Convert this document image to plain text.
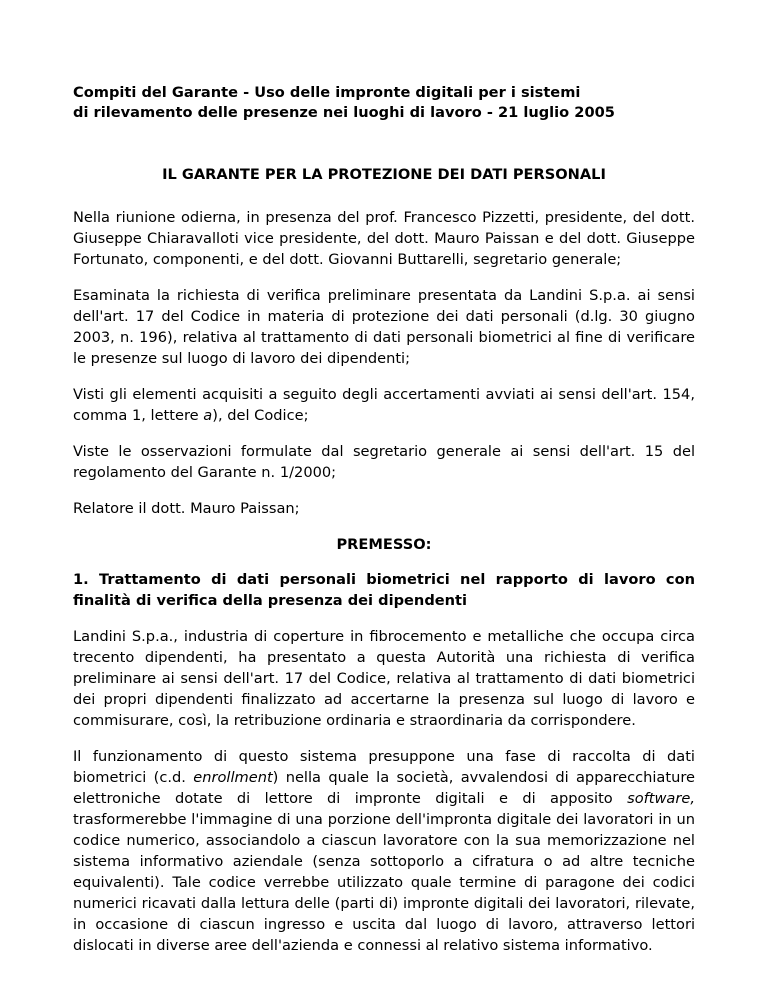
Compiti del Garante - Uso delle impronte digitali per i sistemi
di rilevamento delle presenze nei luoghi di lavoro - 21 luglio 2005
IL GARANTE PER LA PROTEZIONE DEI DATI PERSONALI

Nella riunione odierna, in presenza del prof. Francesco Pizzetti, presidente, del dott. Giuseppe Chiaravalloti vice presidente, del dott. Mauro Paissan e del dott. Giuseppe Fortunato, componenti, e del dott. Giovanni Buttarelli, segretario generale;

Esaminata la richiesta di verifica preliminare presentata da Landini S.p.a. ai sensi dell'art. 17 del Codice in materia di protezione dei dati personali (d.lg. 30 giugno 2003, n. 196), relativa al trattamento di dati personali biometrici al fine di verificare le presenze sul luogo di lavoro dei dipendenti;

Visti gli elementi acquisiti a seguito degli accertamenti avviati ai sensi dell'art. 154, comma 1, lettere a), del Codice;

Viste le osservazioni formulate dal segretario generale ai sensi dell'art. 15 del regolamento del Garante n. 1/2000;

Relatore il dott. Mauro Paissan;

PREMESSO:
1. Trattamento di dati personali biometrici nel rapporto di lavoro con finalità di verifica della presenza dei dipendenti

Landini S.p.a., industria di coperture in fibrocemento e metalliche che occupa circa trecento dipendenti, ha presentato a questa Autorità una richiesta di verifica preliminare ai sensi dell'art. 17 del Codice, relativa al trattamento di dati biometrici dei propri dipendenti finalizzato ad accertarne la presenza sul luogo di lavoro e commisurare, così, la retribuzione ordinaria e straordinaria da corrispondere.

Il funzionamento di questo sistema presuppone una fase di raccolta di dati biometrici (c.d. enrollment) nella quale la società, avvalendosi di apparecchiature elettroniche dotate di lettore di impronte digitali e di apposito software, trasformerebbe l'immagine di una porzione dell'impronta digitale dei lavoratori in un codice numerico, associandolo a ciascun lavoratore con la sua memorizzazione nel sistema informativo aziendale (senza sottoporlo a cifratura o ad altre tecniche equivalenti). Tale codice verrebbe utilizzato quale termine di paragone dei codici numerici ricavati dalla lettura delle (parti di) impronte digitali dei lavoratori, rilevate, in occasione di ciascun ingresso e uscita dal luogo di lavoro, attraverso lettori dislocati in diverse aree dell'azienda e connessi al relativo sistema informativo.
